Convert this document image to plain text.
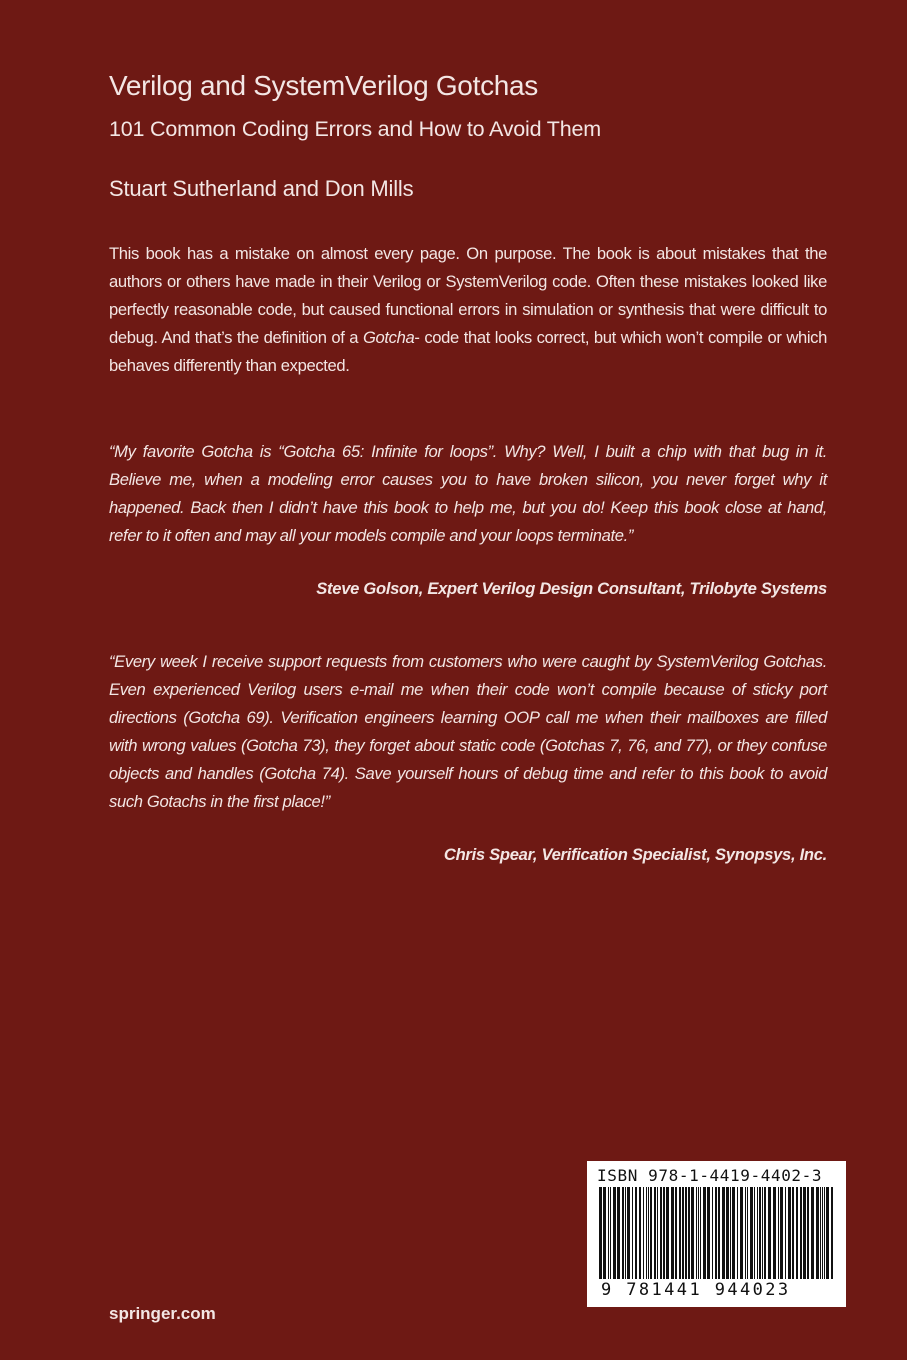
Verilog and SystemVerilog Gotchas
101 Common Coding Errors and How to Avoid Them

Stuart Sutherland and Don Mills

This book has a mistake on almost every page. On purpose. The book is about mistakes that the authors or others have made in their Verilog or SystemVerilog code. Often these mistakes looked like perfectly reasonable code, but caused functional errors in simulation or synthesis that were difficult to debug. And that’s the definition of a Gotcha- code that looks correct, but which won’t compile or which behaves differently than expected.

“My favorite Gotcha is “Gotcha 65: Infinite for loops”. Why? Well, I built a chip with that bug in it. Believe me, when a modeling error causes you to have broken silicon, you never forget why it happened. Back then I didn’t have this book to help me, but you do! Keep this book close at hand, refer to it often and may all your models compile and your loops terminate.”

Steve Golson, Expert Verilog Design Consultant, Trilobyte Systems

“Every week I receive support requests from customers who were caught by SystemVerilog Gotchas. Even experienced Verilog users e-mail me when their code won’t compile because of sticky port directions (Gotcha 69). Verification engineers learning OOP call me when their mailboxes are filled with wrong values (Gotcha 73), they forget about static code (Gotchas 7, 76, and 77), or they confuse objects and handles (Gotcha 74). Save yourself hours of debug time and refer to this book to avoid such Gotachs in the first place!”

Chris Spear, Verification Specialist, Synopsys, Inc.

springer.com
ISBN 978-1-4419-4402-3
9 781441 944023
